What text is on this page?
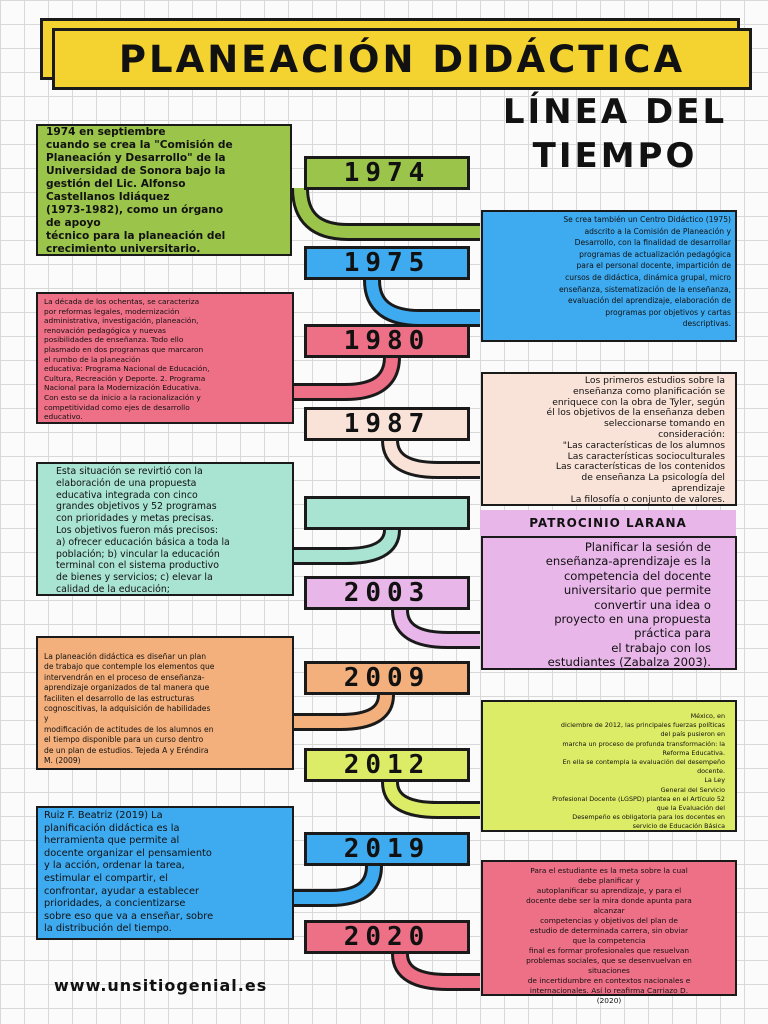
PLANEACIÓN DIDÁCTICA
LÍNEA DEL
TIEMPO
1974
1975
1980
1987
2003
2009
2012
2019
2020

1974 en septiembre
cuando se crea la "Comisión de
Planeación y Desarrollo" de la
Universidad de Sonora bajo la
gestión del Lic. Alfonso
Castellanos Idiáquez
(1973-1982), como un órgano
de apoyo
técnico para la planeación del
crecimiento universitario.

Se crea también un Centro Didáctico (1975)
adscrito a la Comisión de Planeación y
Desarrollo, con la finalidad de desarrollar
programas de actualización pedagógica
para el personal docente, impartición de
cursos de didáctica, dinámica grupal, micro
enseñanza, sistematización de la enseñanza,
evaluación del aprendizaje, elaboración de
programas por objetivos y cartas
descriptivas.

La década de los ochentas, se caracteriza
por reformas legales, modernización
administrativa, investigación, planeación,
renovación pedagógica y nuevas
posibilidades de enseñanza. Todo ello
plasmado en dos programas que marcaron
el rumbo de la planeación
educativa: Programa Nacional de Educación,
Cultura, Recreación y Deporte. 2. Programa
Nacional para la Modernización Educativa.
Con esto se da inicio a la racionalización y
competitividad como ejes de desarrollo
educativo.

Los primeros estudios sobre la
enseñanza como planificación se
enriquece con la obra de Tyler, según
él los objetivos de la enseñanza deben
seleccionarse tomando en
consideración:
"Las características de los alumnos
Las características socioculturales
Las características de los contenidos
de enseñanza La psicología del
aprendizaje
La filosofía o conjunto de valores.

PATROCINIO LARANA

Esta situación se revirtió con la
elaboración de una propuesta
educativa integrada con cinco
grandes objetivos y 52 programas
con prioridades y metas precisas.
Los objetivos fueron más precisos:
a) ofrecer educación básica a toda la
población; b) vincular la educación
terminal con el sistema productivo
de bienes y servicios; c) elevar la
calidad de la educación;

Planificar la sesión de
enseñanza-aprendizaje es la
competencia del docente
universitario que permite
convertir una idea o
proyecto en una propuesta
práctica para
el trabajo con los
estudiantes (Zabalza 2003).

La planeación didáctica es diseñar un plan
de trabajo que contemple los elementos que
intervendrán en el proceso de enseñanza-
aprendizaje organizados de tal manera que
faciliten el desarrollo de las estructuras
cognoscitivas, la adquisición de habilidades
y
modificación de actitudes de los alumnos en
el tiempo disponible para un curso dentro
de un plan de estudios. Tejeda A y Eréndira
M. (2009)

México, en
diciembre de 2012, las principales fuerzas políticas
del país pusieron en
marcha un proceso de profunda transformación: la
Reforma Educativa.
En ella se contempla la evaluación del desempeño
docente.
La Ley
General del Servicio
Profesional Docente (LGSPD) plantea en el Artículo 52
que la Evaluación del
Desempeño es obligatoria para los docentes en
servicio de Educación Básica

Ruiz F. Beatriz (2019) La
planificación didáctica es la
herramienta que permite al
docente organizar el pensamiento
y la acción, ordenar la tarea,
estimular el compartir, el
confrontar, ayudar a establecer
prioridades, a concientizarse
sobre eso que va a enseñar, sobre
la distribución del tiempo.

Para el estudiante es la meta sobre la cual
debe planificar y
autoplanificar su aprendizaje, y para el
docente debe ser la mira donde apunta para
alcanzar
competencias y objetivos del plan de
estudio de determinada carrera, sin obviar
que la competencia
final es formar profesionales que resuelvan
problemas sociales, que se desenvuelvan en
situaciones
de incertidumbre en contextos nacionales e
internacionales. Así lo reafirma Carriazo D.
(2020)

www.unsitiogenial.es
